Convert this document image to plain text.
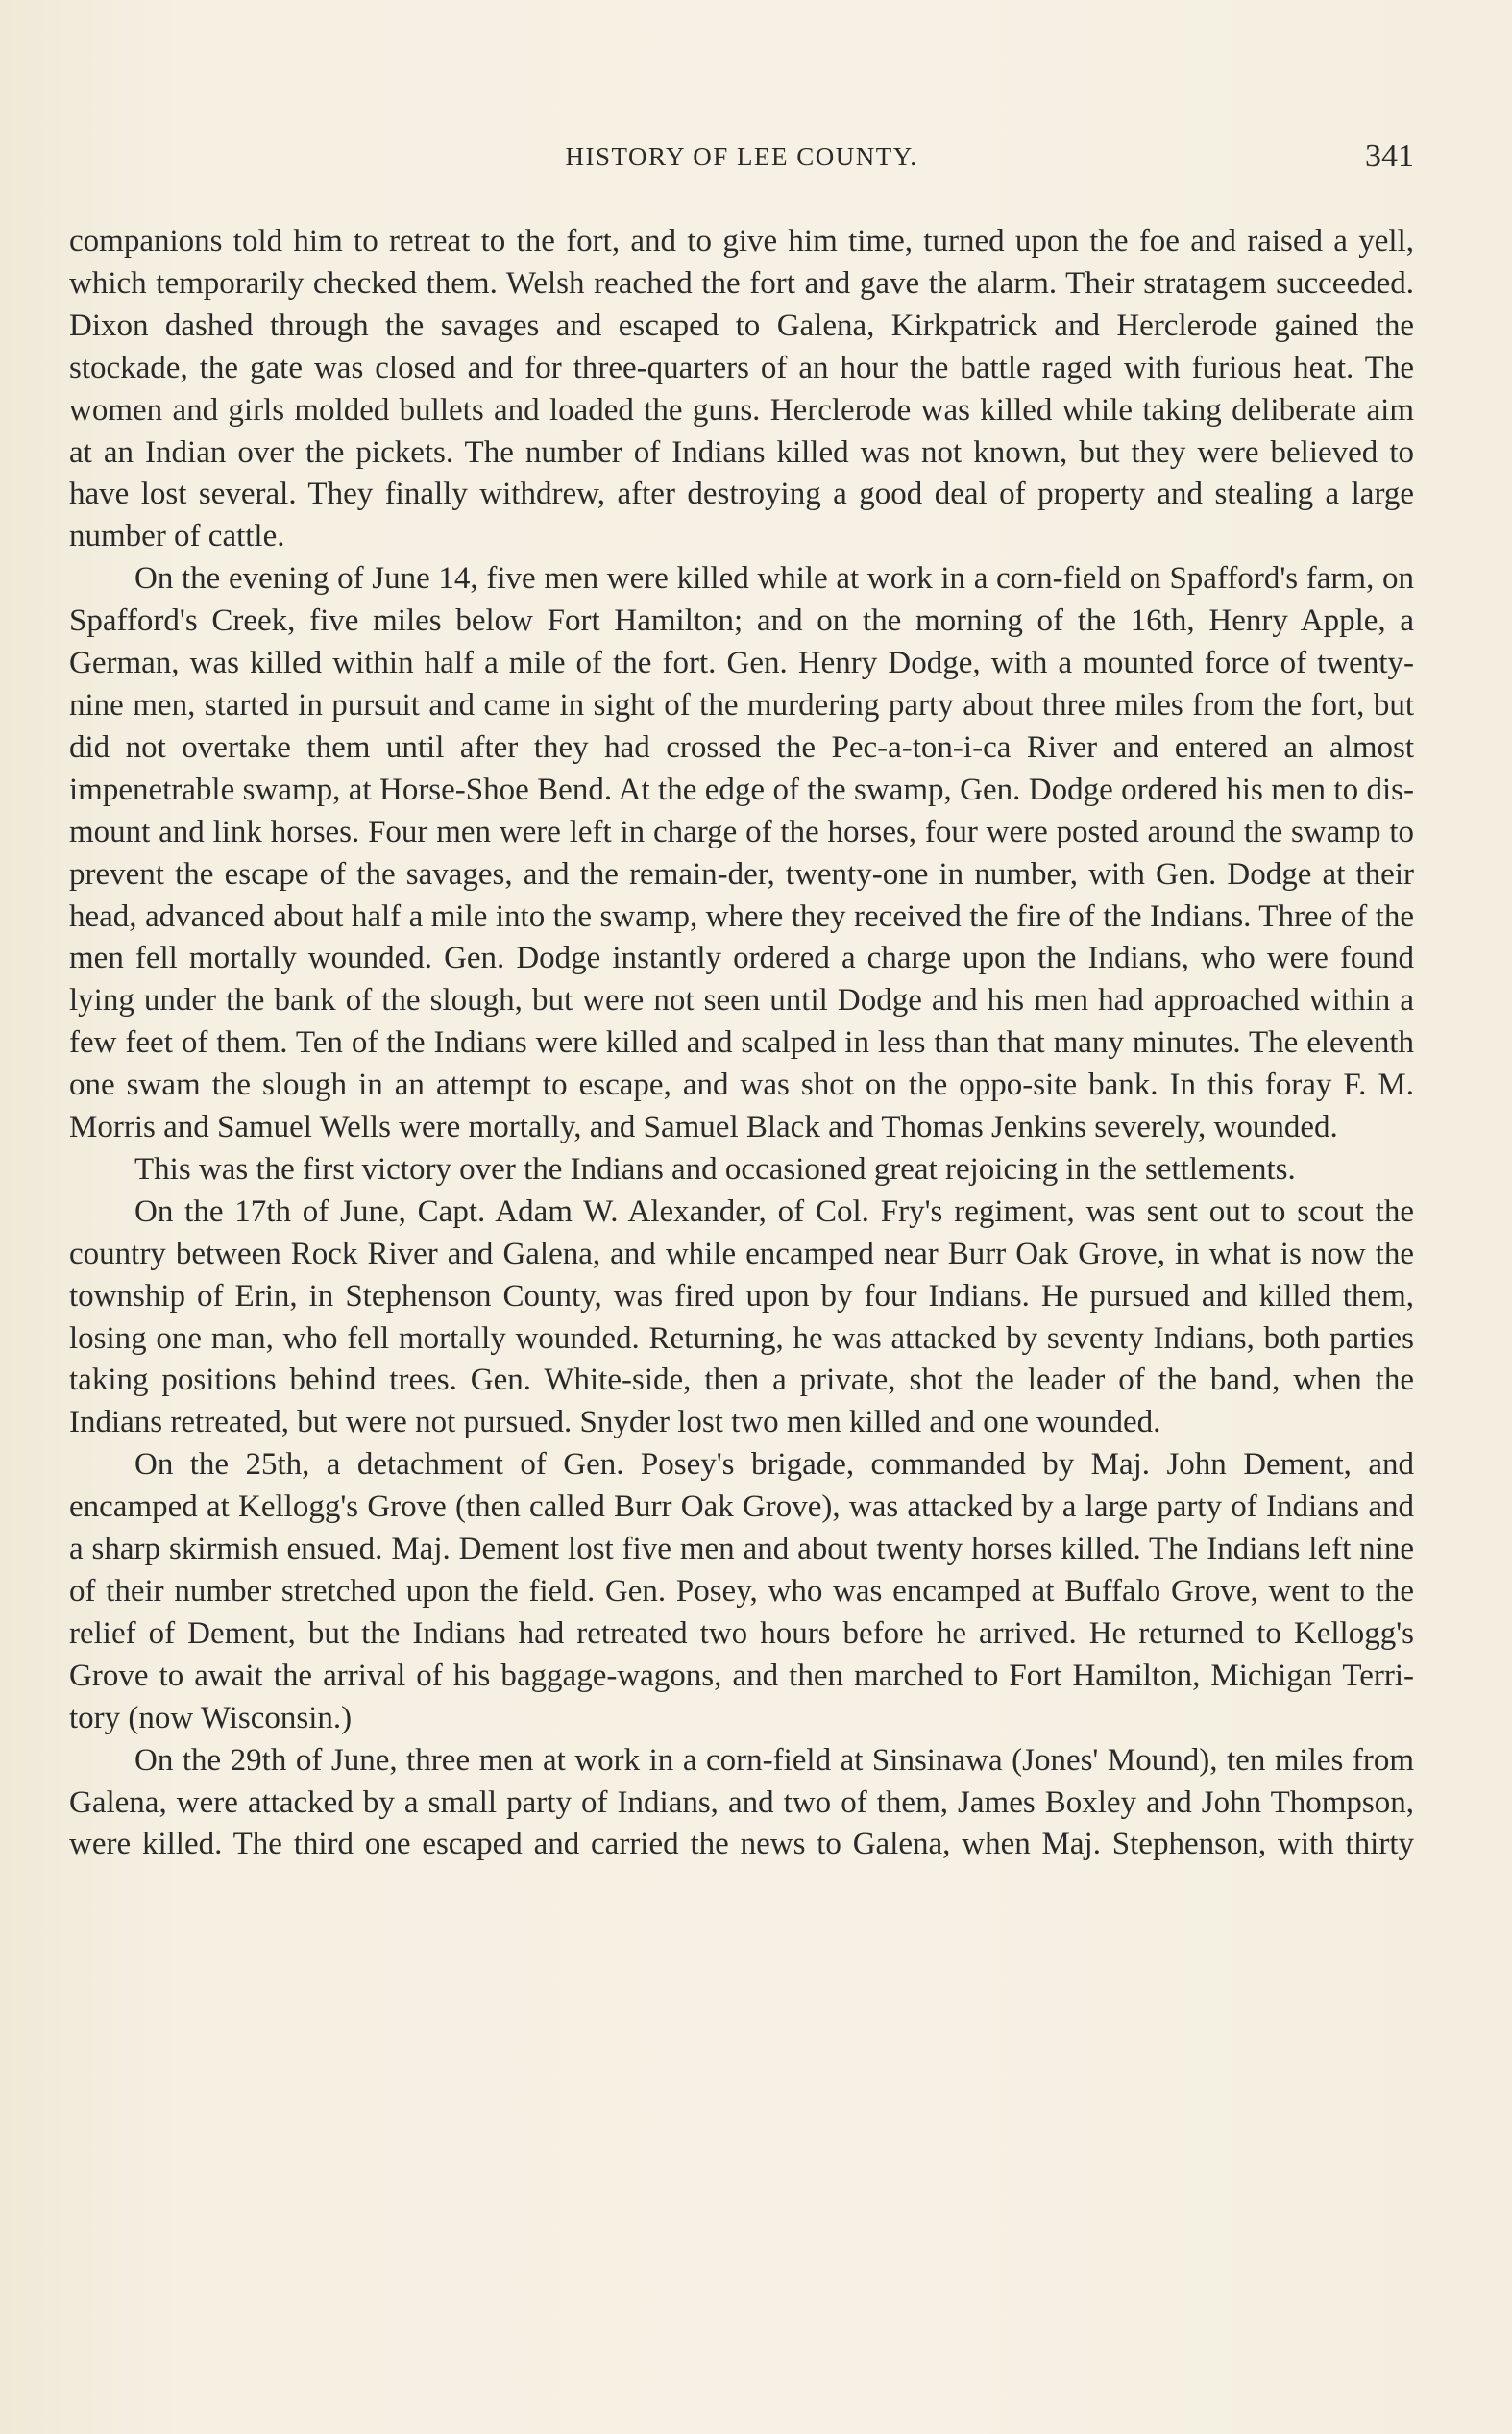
HISTORY OF LEE COUNTY.	341

companions told him to retreat to the fort, and to give him time, turned upon the foe and raised a yell, which temporarily checked them. Welsh reached the fort and gave the alarm. Their stratagem succeeded. Dixon dashed through the savages and escaped to Galena, Kirkpatrick and Herclerode gained the stockade, the gate was closed and for three-quarters of an hour the battle raged with furious heat. The women and girls molded bullets and loaded the guns. Herclerode was killed while taking deliberate aim at an Indian over the pickets. The number of Indians killed was not known, but they were believed to have lost several. They finally withdrew, after destroying a good deal of property and stealing a large number of cattle.

On the evening of June 14, five men were killed while at work in a corn-field on Spafford's farm, on Spafford's Creek, five miles below Fort Hamilton; and on the morning of the 16th, Henry Apple, a German, was killed within half a mile of the fort. Gen. Henry Dodge, with a mounted force of twenty-nine men, started in pursuit and came in sight of the murdering party about three miles from the fort, but did not overtake them until after they had crossed the Pec-a-ton-i-ca River and entered an almost impenetrable swamp, at Horse-Shoe Bend. At the edge of the swamp, Gen. Dodge ordered his men to dis-mount and link horses. Four men were left in charge of the horses, four were posted around the swamp to prevent the escape of the savages, and the remain-der, twenty-one in number, with Gen. Dodge at their head, advanced about half a mile into the swamp, where they received the fire of the Indians. Three of the men fell mortally wounded. Gen. Dodge instantly ordered a charge upon the Indians, who were found lying under the bank of the slough, but were not seen until Dodge and his men had approached within a few feet of them. Ten of the Indians were killed and scalped in less than that many minutes. The eleventh one swam the slough in an attempt to escape, and was shot on the oppo-site bank. In this foray F. M. Morris and Samuel Wells were mortally, and Samuel Black and Thomas Jenkins severely, wounded.

This was the first victory over the Indians and occasioned great rejoicing in the settlements.

On the 17th of June, Capt. Adam W. Alexander, of Col. Fry's regiment, was sent out to scout the country between Rock River and Galena, and while encamped near Burr Oak Grove, in what is now the township of Erin, in Stephenson County, was fired upon by four Indians. He pursued and killed them, losing one man, who fell mortally wounded. Returning, he was attacked by seventy Indians, both parties taking positions behind trees. Gen. White-side, then a private, shot the leader of the band, when the Indians retreated, but were not pursued. Snyder lost two men killed and one wounded.

On the 25th, a detachment of Gen. Posey's brigade, commanded by Maj. John Dement, and encamped at Kellogg's Grove (then called Burr Oak Grove), was attacked by a large party of Indians and a sharp skirmish ensued. Maj. Dement lost five men and about twenty horses killed. The Indians left nine of their number stretched upon the field. Gen. Posey, who was encamped at Buffalo Grove, went to the relief of Dement, but the Indians had retreated two hours before he arrived. He returned to Kellogg's Grove to await the arrival of his baggage-wagons, and then marched to Fort Hamilton, Michigan Terri-tory (now Wisconsin.)

On the 29th of June, three men at work in a corn-field at Sinsinawa (Jones' Mound), ten miles from Galena, were attacked by a small party of Indians, and two of them, James Boxley and John Thompson, were killed. The third one escaped and carried the news to Galena, when Maj. Stephenson, with thirty
